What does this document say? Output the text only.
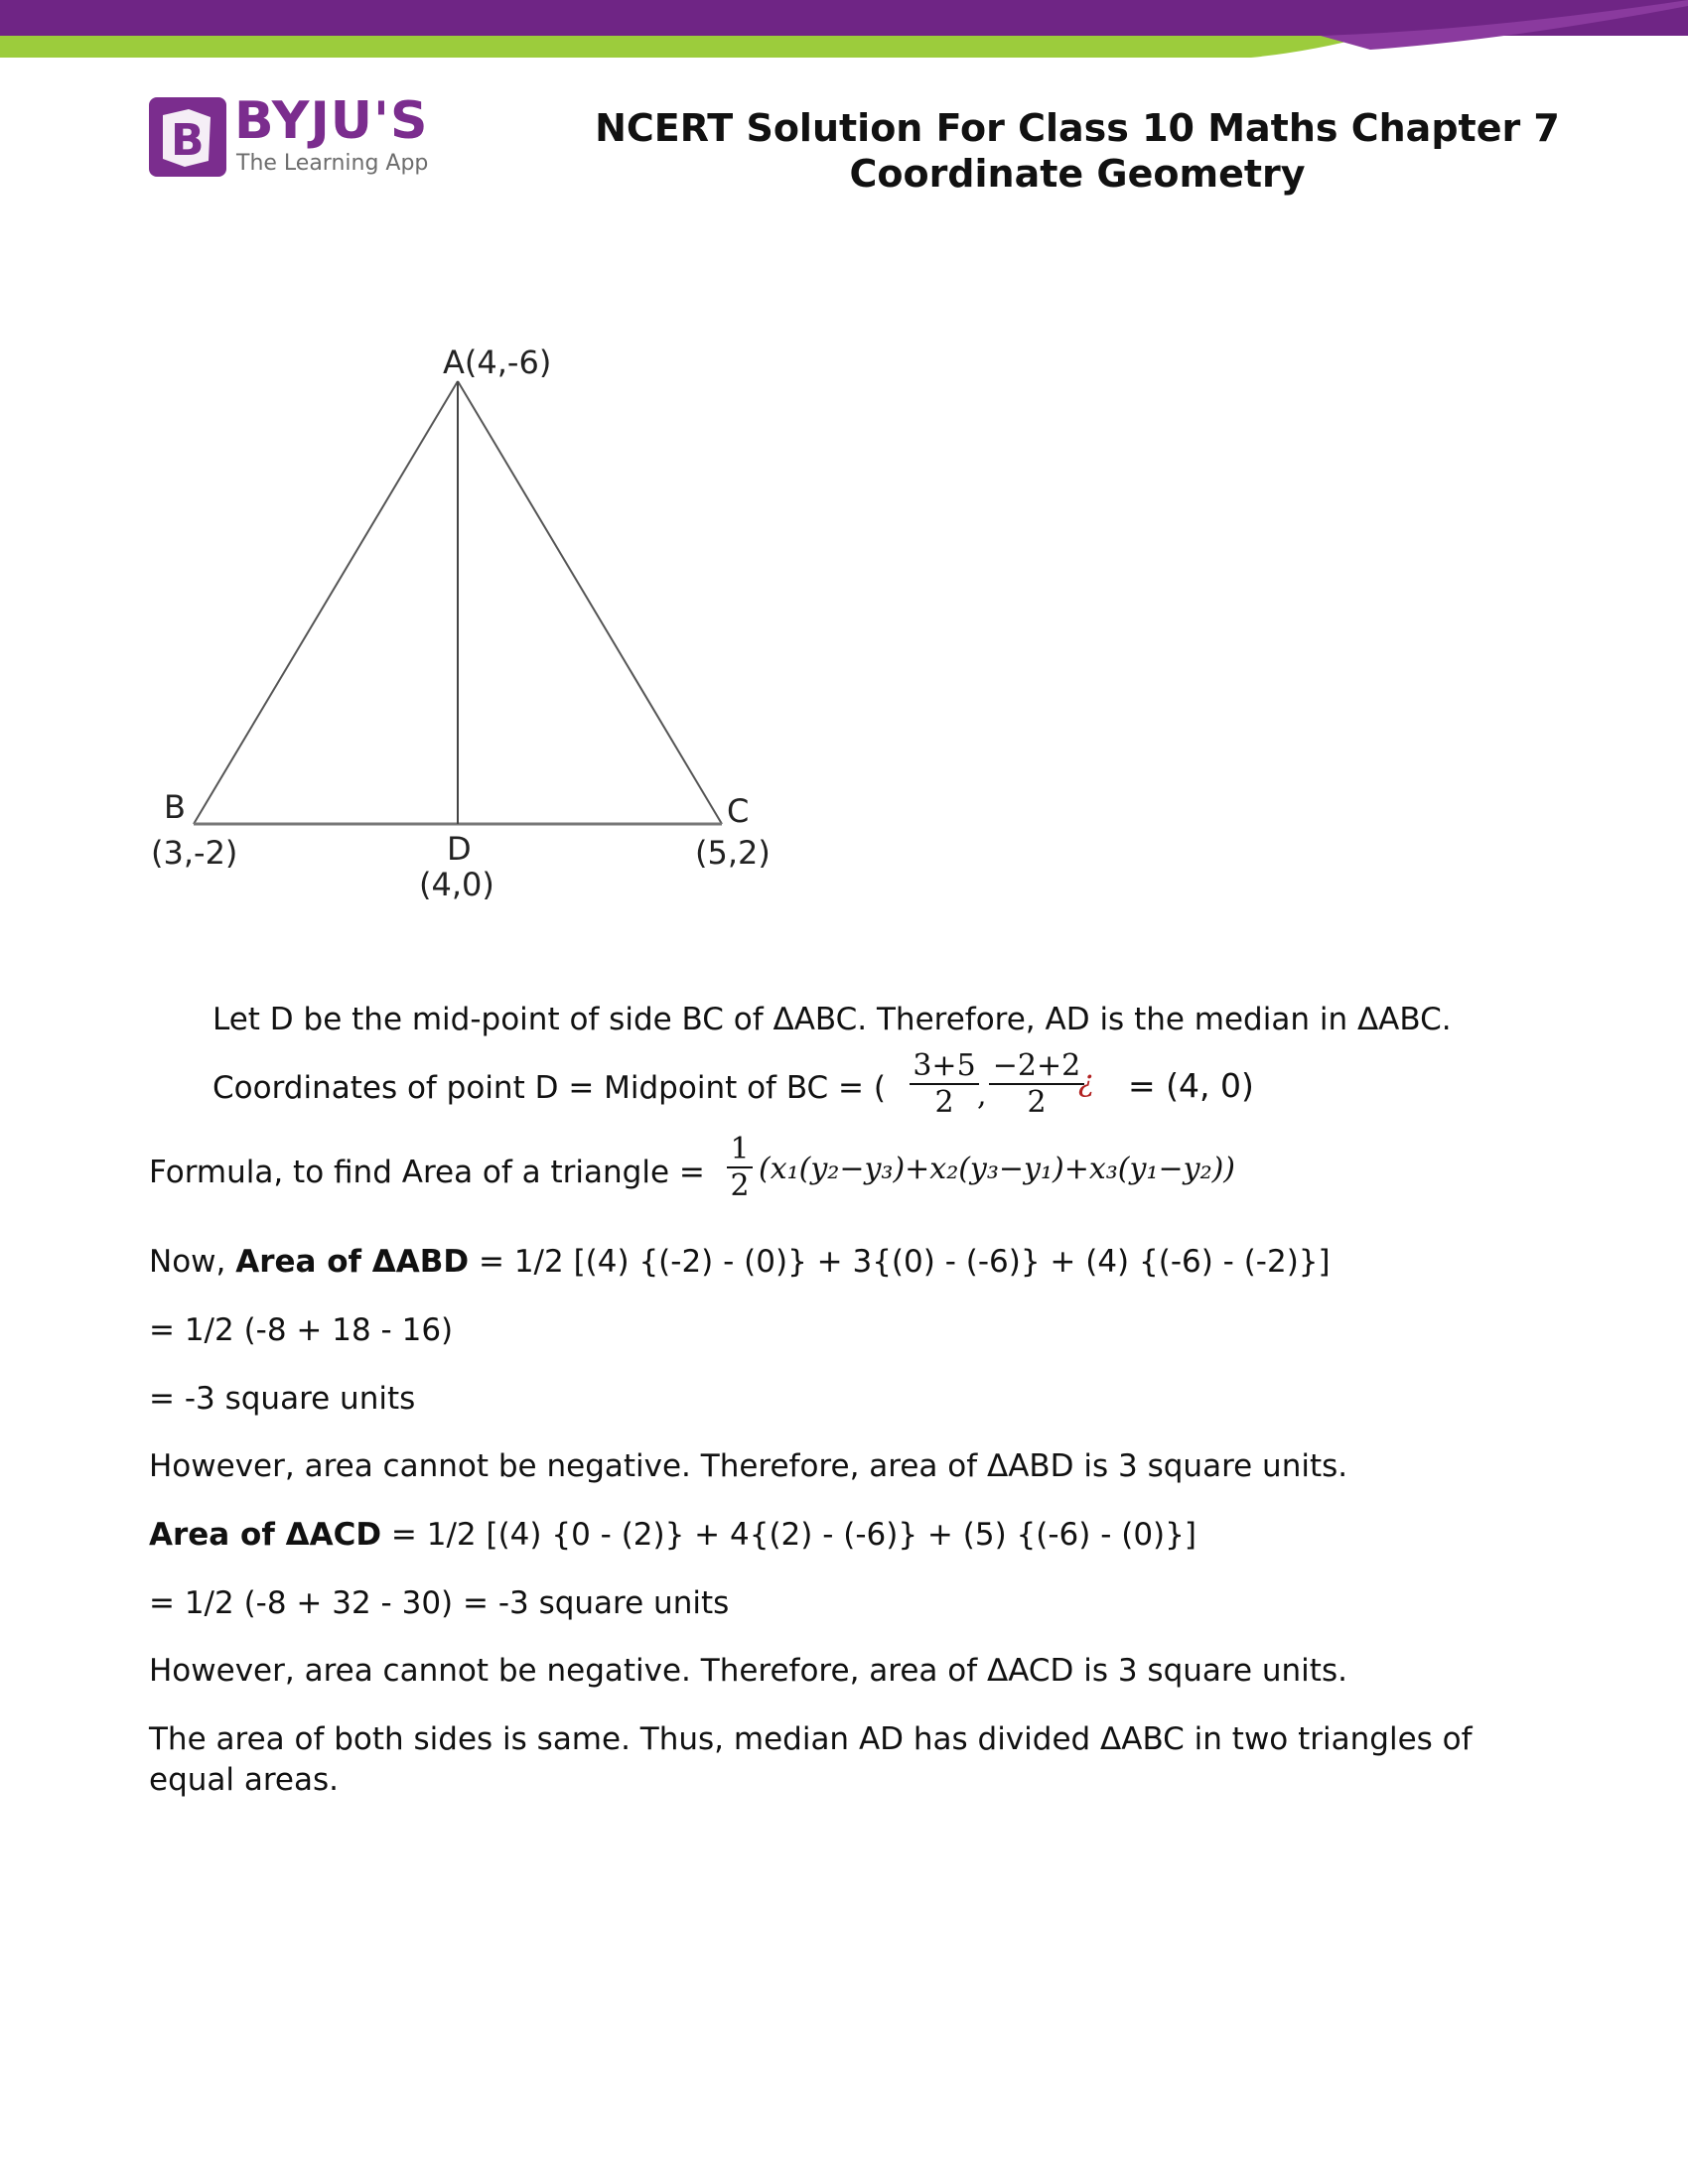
B BYJU'S
The Learning App
NCERT Solution For Class 10 Maths Chapter 7
Coordinate Geometry
A(4,-6)
B
(3,-2)
C
(5,2)
D
(4,0)
Let D be the mid-point of side BC of ΔABC. Therefore, AD is the median in ΔABC.
Coordinates of point D = Midpoint of BC = ( $\frac{3+5}{2}$
, $\frac{-2+2}{2}$
¿ = (4, 0)
Formula, to find Area of a triangle = $\frac{1}{2} (x_1(y_2-y_3)+x_2(y_3-y_1)+x_3(y_1-y_2))$
Now, Area of ΔABD = 1/2 [(4) {(-2) - (0)} + 3{(0) - (-6)} + (4) {(-6) - (-2)}]
= 1/2 (-8 + 18 - 16)
= -3 square units
However, area cannot be negative. Therefore, area of ΔABD is 3 square units.
Area of ΔACD = 1/2 [(4) {0 - (2)} + 4{(2) - (-6)} + (5) {(-6) - (0)}]
= 1/2 (-8 + 32 - 30) = -3 square units
However, area cannot be negative. Therefore, area of ΔACD is 3 square units.
The area of both sides is same. Thus, median AD has divided ΔABC in two triangles of
equal areas.
